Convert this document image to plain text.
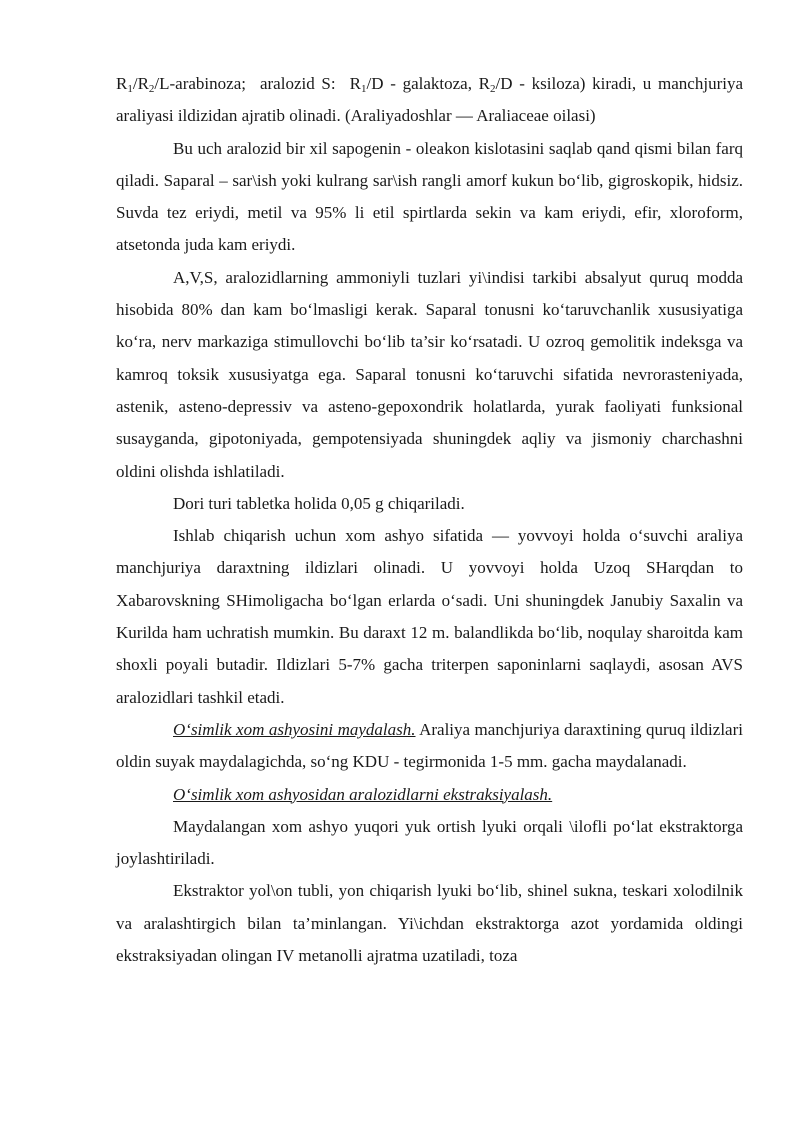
$R_1/R_2/L$-arabinoza; aralozid S: $R_1/D$ - galaktoza, $R_2/D$ - ksiloza) kiradi, u manchjuriya araliyasi ildizidan ajratib olinadi. (Araliyadoshlar — Araliaceae oilasi)

Bu uch aralozid bir xil sapogenin - oleakon kislotasini saqlab qand qismi bilan farq qiladi. Saparal – sar\ish yoki kulrang sar\ish rangli amorf kukun bo‘lib, gigroskopik, hidsiz. Suvda tez eriydi, metil va 95% li etil spirtlarda sekin va kam eriydi, efir, xloroform, atsetonda juda kam eriydi.

A,V,S, aralozidlarning ammoniyli tuzlari yi\indisi tarkibi absalyut quruq modda hisobida 80% dan kam bo‘lmasligi kerak. Saparal tonusni ko‘taruvchanlik xususiyatiga ko‘ra, nerv markaziga stimullovchi bo‘lib ta’sir ko‘rsatadi. U ozroq gemolitik indeksga va kamroq toksik xususiyatga ega. Saparal tonusni ko‘taruvchi sifatida nevrorasteniyada, astenik, asteno-depressiv va asteno-gepoxondrik holatlarda, yurak faoliyati funksional susayganda, gipotoniyada, gempotensiyada shuningdek aqliy va jismoniy charchashni oldini olishda ishlatiladi.

Dori turi tabletka holida 0,05 g chiqariladi.

Ishlab chiqarish uchun xom ashyo sifatida — yovvoyi holda o‘suvchi araliya manchjuriya daraxtning ildizlari olinadi. U yovvoyi holda Uzoq SHarqdan to Xabarovskning SHimoligacha bo‘lgan erlarda o‘sadi. Uni shuningdek Janubiy Saxalin va Kurilda ham uchratish mumkin. Bu daraxt 12 m. balandlikda bo‘lib, noqulay sharoitda kam shoxli poyali butadir. Ildizlari 5-7% gacha triterpen saponinlarni saqlaydi, asosan AVS aralozidlari tashkil etadi.

O‘simlik xom ashyosini maydalash. Araliya manchjuriya daraxtining quruq ildizlari oldin suyak maydalagichda, so‘ng KDU - tegirmonida 1-5 mm. gacha maydalanadi.

O‘simlik xom ashyosidan aralozidlarni ekstraksiyalash.

Maydalangan xom ashyo yuqori yuk ortish lyuki orqali \ilofli po‘lat ekstraktorga joylashtiriladi.

Ekstraktor yol\on tubli, yon chiqarish lyuki bo‘lib, shinel sukna, teskari xolodilnik va aralashtirgich bilan ta’minlangan. Yi\ichdan ekstraktorga azot yordamida oldingi ekstraksiyadan olingan IV metanolli ajratma uzatiladi, toza
